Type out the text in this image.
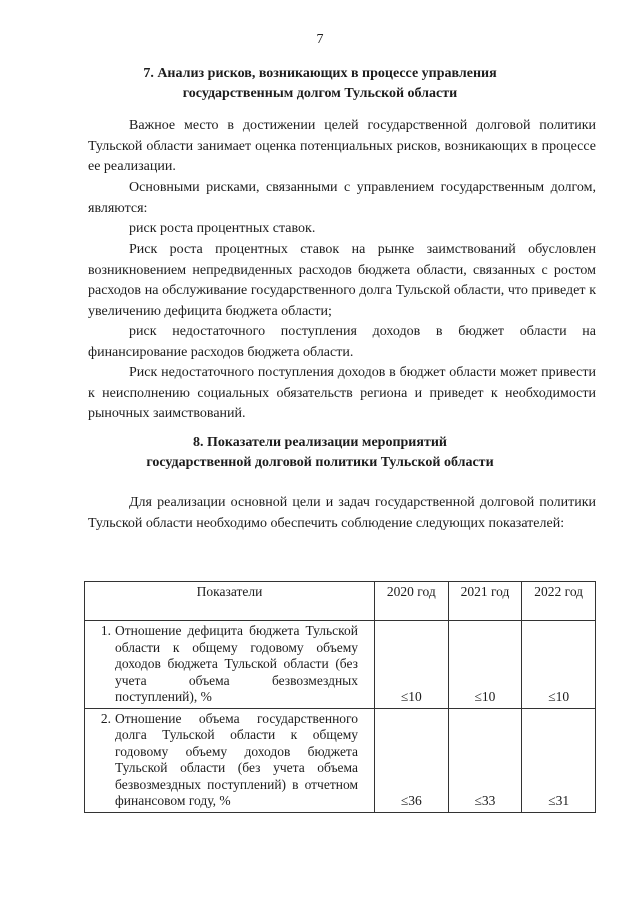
7
7. Анализ рисков, возникающих в процессе управления
государственным долгом Тульской области

Важное место в достижении целей государственной долговой политики Тульской области занимает оценка потенциальных рисков, возникающих в процессе ее реализации.

Основными рисками, связанными с управлением государственным долгом, являются:

риск роста процентных ставок.

Риск роста процентных ставок на рынке заимствований обусловлен возникновением непредвиденных расходов бюджета области, связанных с ростом расходов на обслуживание государственного долга Тульской области, что приведет к увеличению дефицита бюджета области;

риск недостаточного поступления доходов в бюджет области на финансирование расходов бюджета области.

Риск недостаточного поступления доходов в бюджет области может привести к неисполнению социальных обязательств региона и приведет к необходимости рыночных заимствований.

8. Показатели реализации мероприятий
государственной долговой политики Тульской области

Для реализации основной цели и задач государственной долговой политики Тульской области необходимо обеспечить соблюдение следующих показателей:

Показатели	2020 год	2021 год	2022 год
1. Отношение дефицита бюджета Тульской области к общему годовому объему доходов бюджета Тульской области (без учета объема безвозмездных поступлений), %	≤10	≤10	≤10
2. Отношение объема государственного долга Тульской области к общему годовому объему доходов бюджета Тульской области (без учета объема безвозмездных поступлений) в отчетном финансовом году, %	≤36	≤33	≤31
